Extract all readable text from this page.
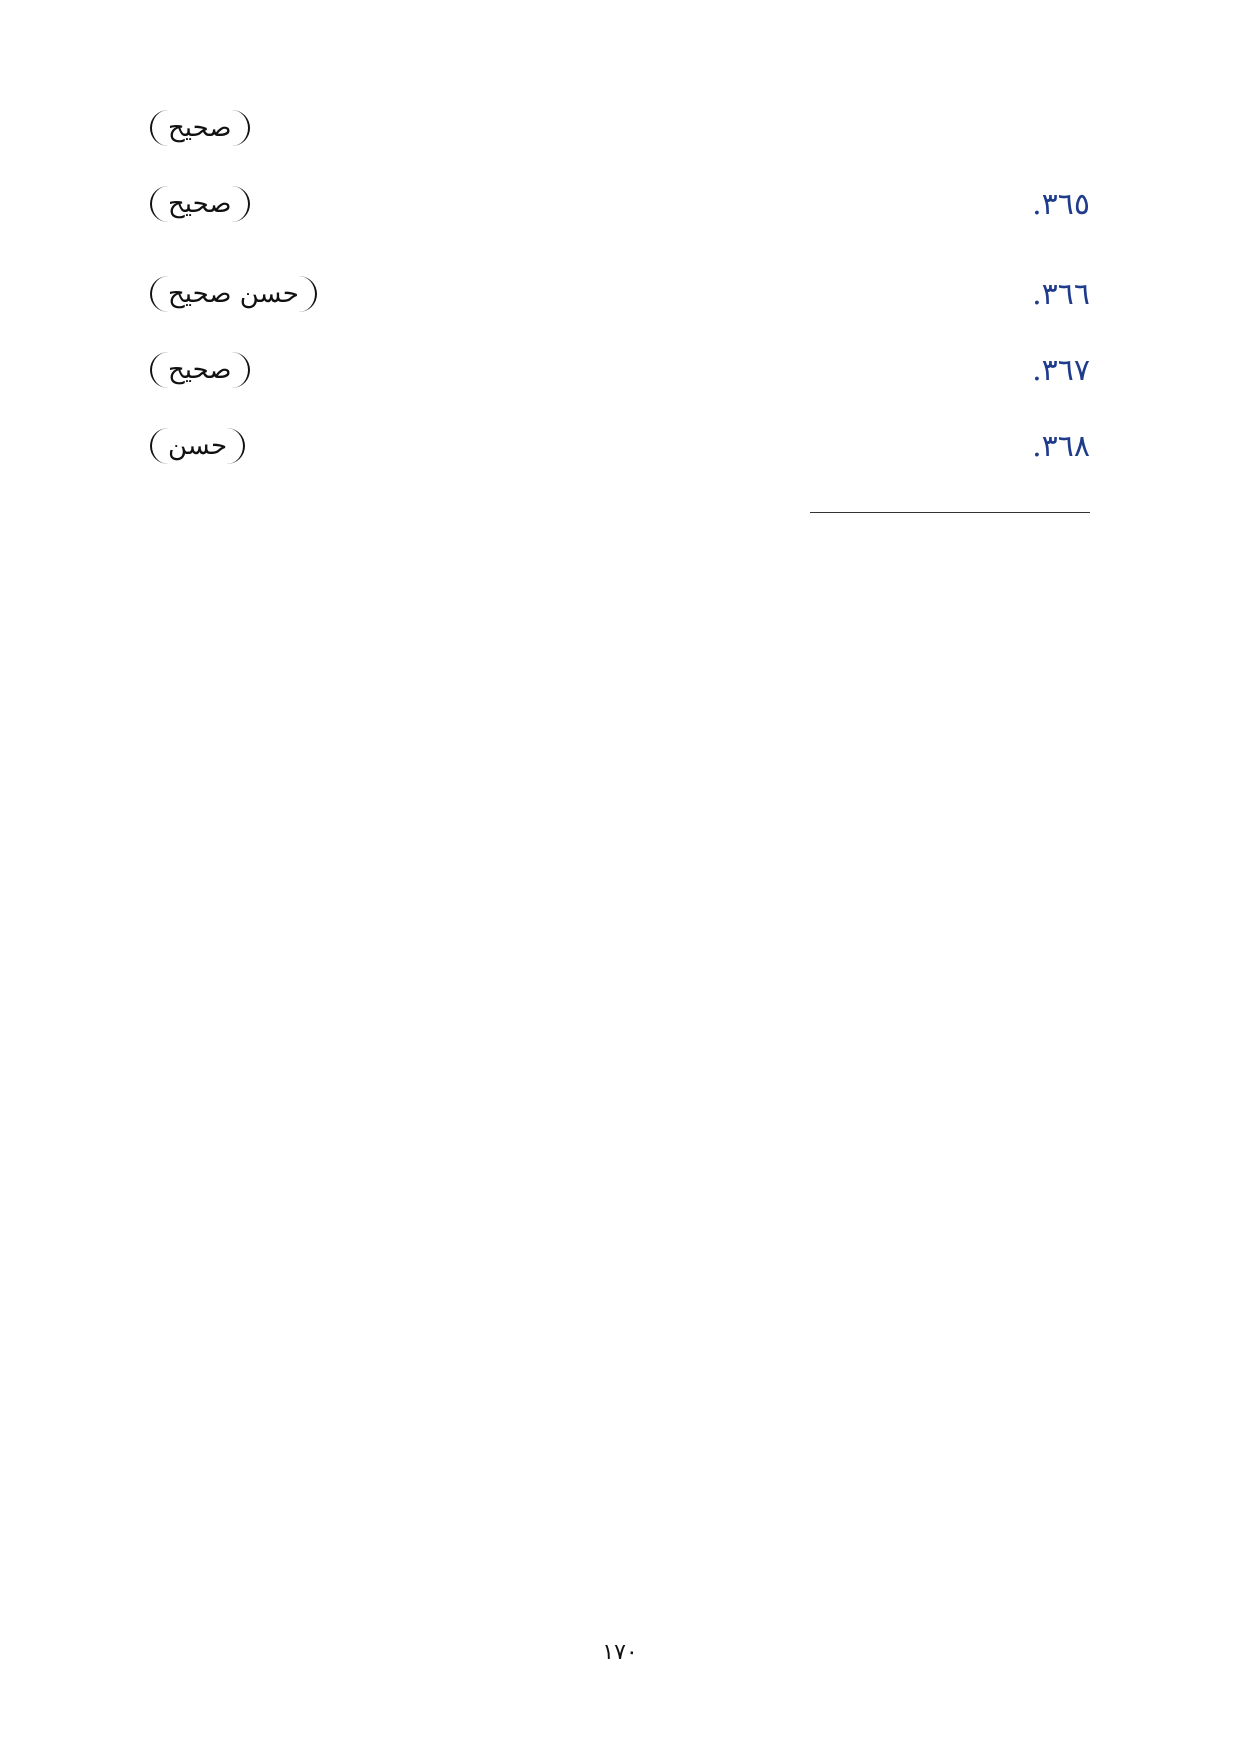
صحيح

٣٦٥.
صحيح

٣٦٦.
حسن صحيح

٣٦٧.
صحيح

٣٦٨.
حسن

١٧٠
